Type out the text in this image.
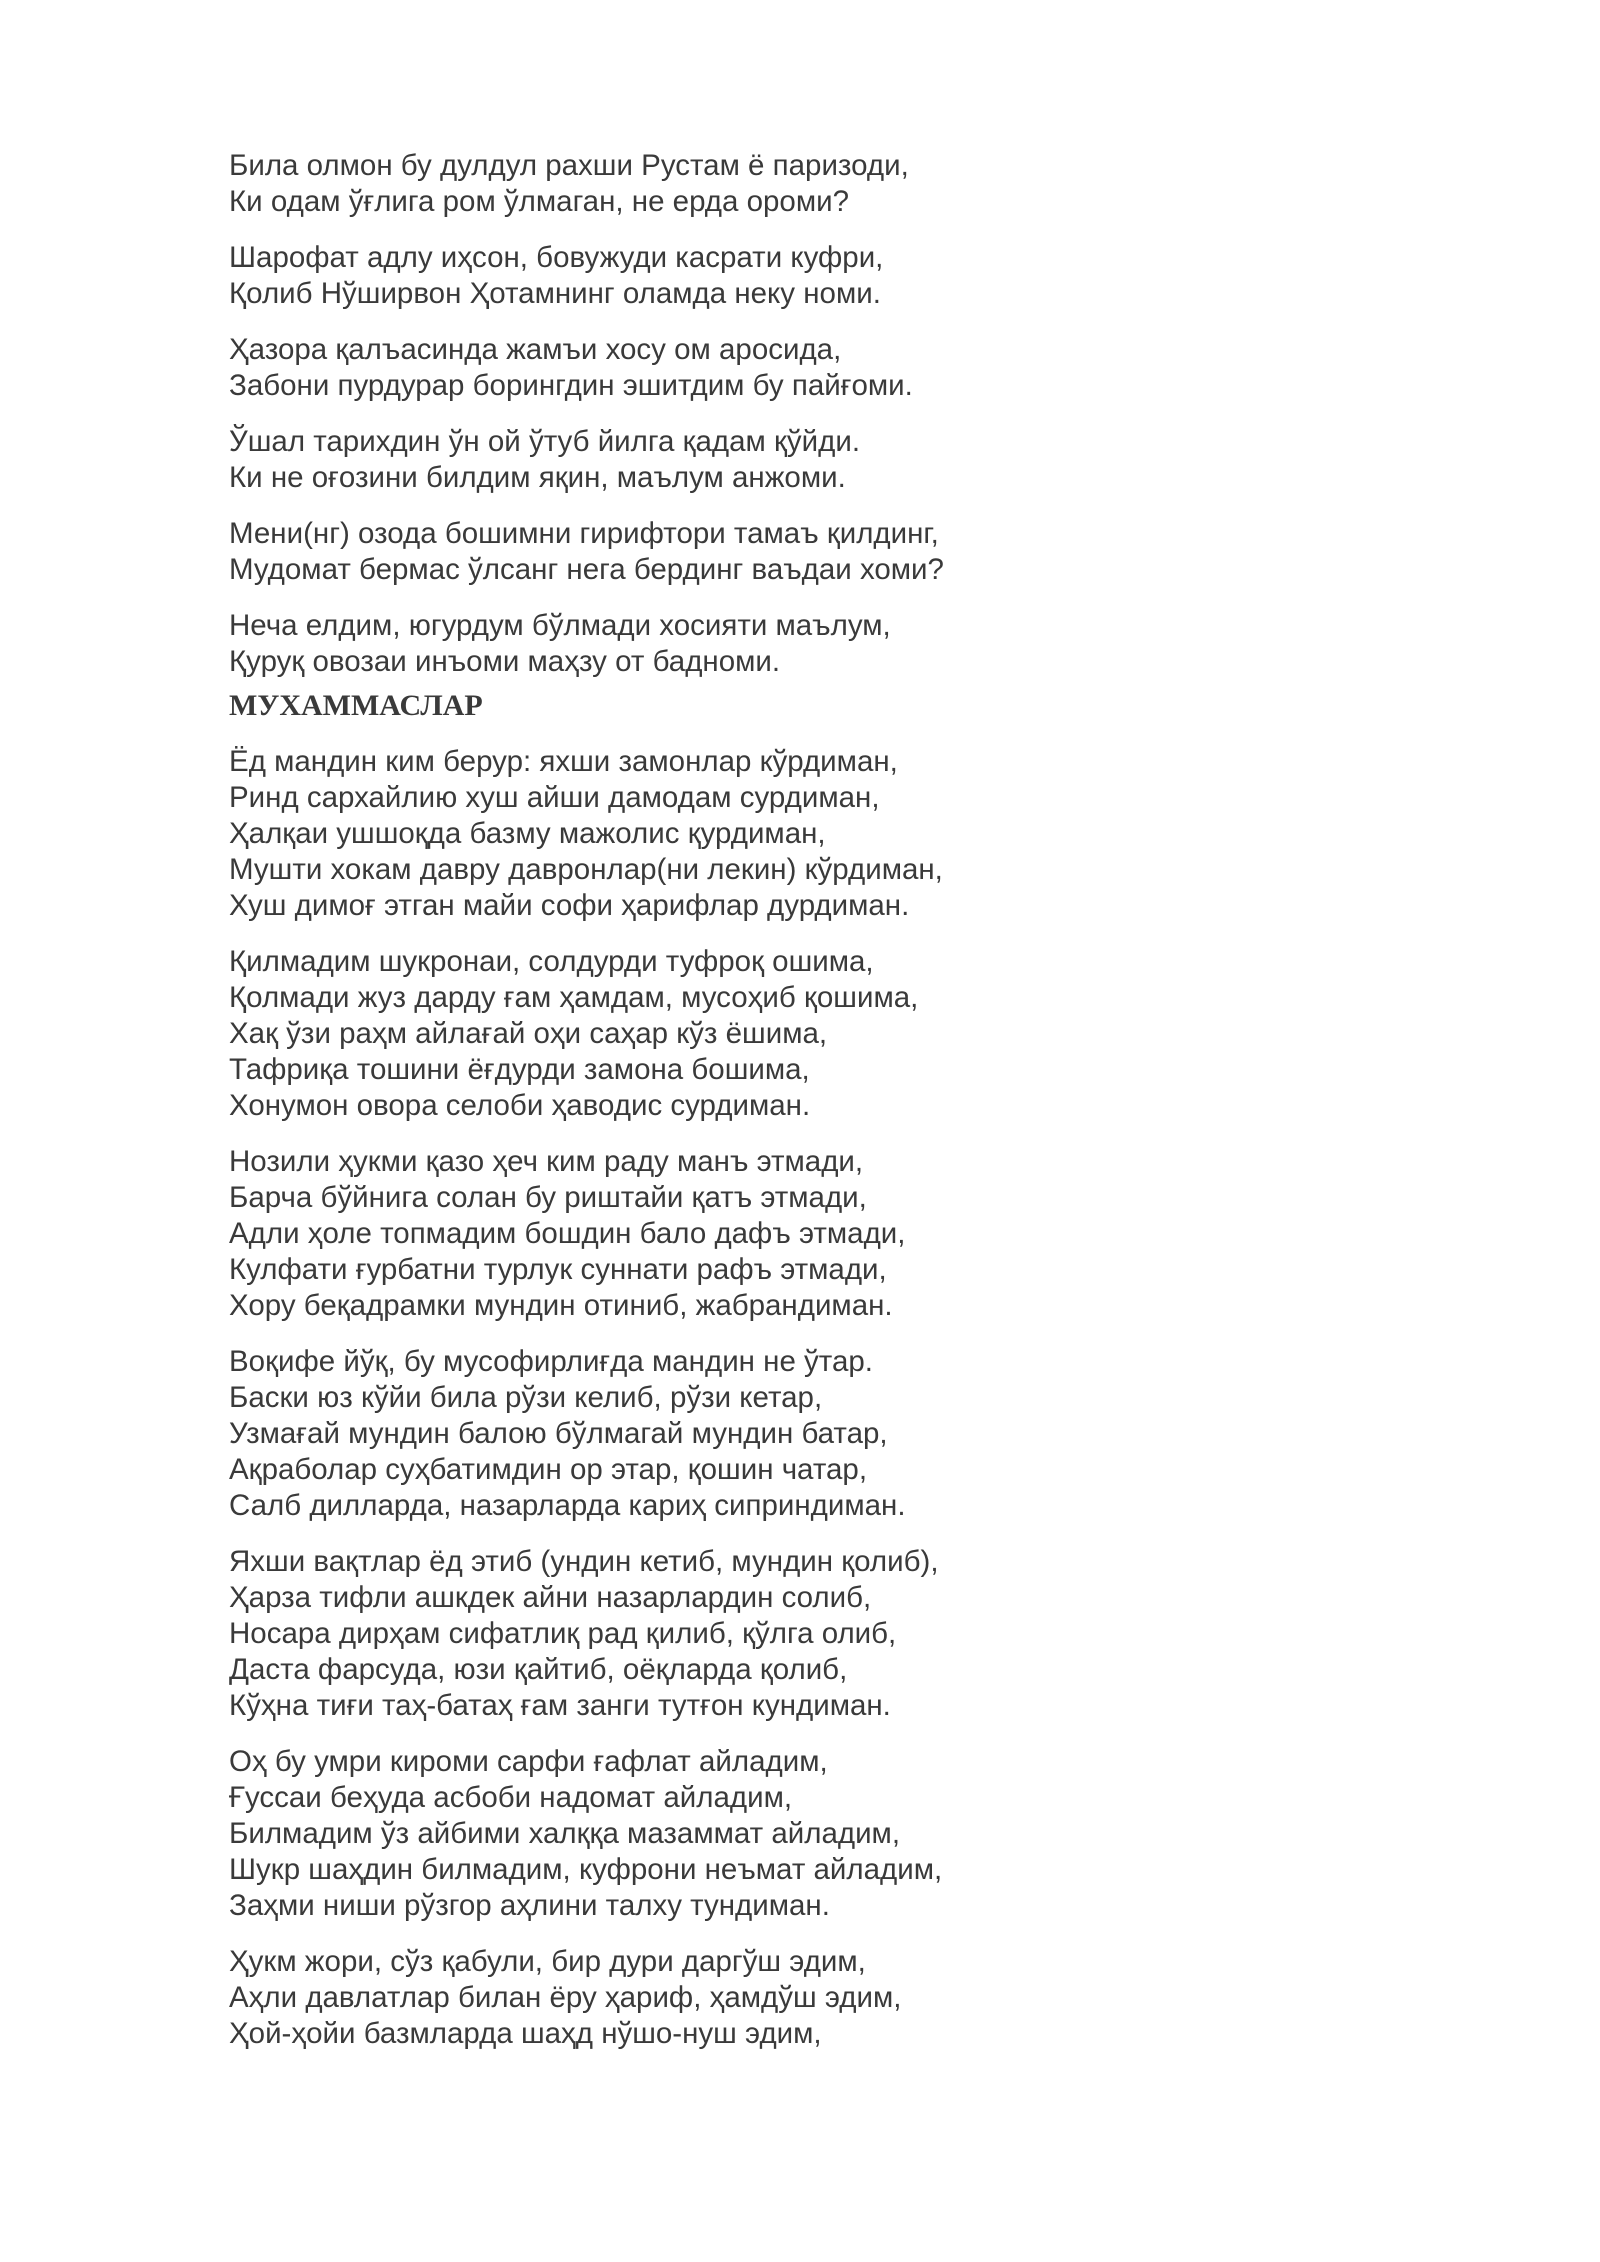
Била олмон бу дулдул рахши Рустам ё паризоди,
Ки одам ўғлига ром ўлмаган, не ерда ороми?
Шарофат адлу иҳсон, бовужуди касрати куфри,
Қолиб Нўширвон Ҳотамнинг оламда неку номи.
Ҳазора қалъасинда жамъи хосу ом аросида,
Забони пурдурар борингдин эшитдим бу пайғоми.
Ўшал тарихдин ўн ой ўтуб йилга қадам қўйди.
Ки не оғозини билдим яқин, маълум анжоми.
Мени(нг) озода бошимни гирифтори тамаъ қилдинг,
Мудомат бермас ўлсанг нега бердинг ваъдаи хоми?
Неча елдим, югурдум бўлмади хосияти маълум,
Қуруқ овозаи инъоми маҳзу от бадноми.
МУХАММАСЛАР
Ёд мандин ким берур: яхши замонлар кўрдиман,
Ринд сархайлию хуш айши дамодам сурдиман,
Ҳалқаи ушшоқда базму мажолис қурдиман,
Мушти хокам давру давронлар(ни лекин) кўрдиман,
Хуш димоғ этган майи софи ҳарифлар дурдиман.
Қилмадим шукронаи, солдурди туфроқ ошима,
Қолмади жуз дарду ғам ҳамдам, мусоҳиб қошима,
Хақ ўзи раҳм айлағай оҳи саҳар кўз ёшима,
Тафриқа тошини ёғдурди замона бошима,
Хонумон овора селоби ҳаводис сурдиман.
Нозили ҳукми қазо ҳеч ким раду манъ этмади,
Барча бўйнига солан бу риштайи қатъ этмади,
Адли ҳоле топмадим бошдин бало дафъ этмади,
Кулфати ғурбатни турлук суннати рафъ этмади,
Хору беқадрамки мундин отиниб, жабрандиман.
Воқифе йўқ, бу мусофирлиғда мандин не ўтар.
Баски юз кўйи била рўзи келиб, рўзи кетар,
Узмағай мундин балою бўлмагай мундин батар,
Ақраболар суҳбатимдин ор этар, қошин чатар,
Салб дилларда, назарларда кариҳ сиприндиман.
Яхши вақтлар ёд этиб (ундин кетиб, мундин қолиб),
Ҳарза тифли ашкдек айни назарлардин солиб,
Носара дирҳам сифатлиқ рад қилиб, қўлга олиб,
Даста фарсуда, юзи қайтиб, оёқларда қолиб,
Кўҳна тиғи таҳ-батаҳ ғам занги тутғон кундиман.
Оҳ бу умри кироми сарфи ғафлат айладим,
Ғуссаи беҳуда асбоби надомат айладим,
Билмадим ўз айбими халққа мазаммат айладим,
Шукр шаҳдин билмадим, куфрони неъмат айладим,
Заҳми ниши рўзгор аҳлини талху тундиман.
Ҳукм жори, сўз қабули, бир дури даргўш эдим,
Аҳли давлатлар билан ёру ҳариф, ҳамдўш эдим,
Ҳой-ҳойи базмларда шаҳд нўшо-нуш эдим,
